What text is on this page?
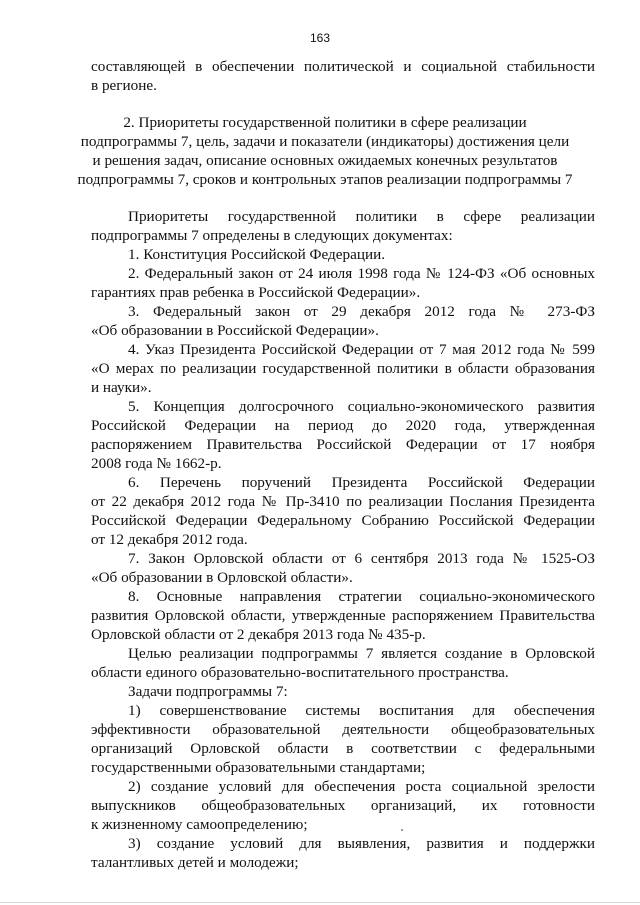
163
составляющей в обеспечении политической и социальной стабильности
в регионе.
2. Приоритеты государственной политики в сфере реализации
подпрограммы 7, цель, задачи и показатели (индикаторы) достижения цели
и решения задач, описание основных ожидаемых конечных результатов
подпрограммы 7, сроков и контрольных этапов реализации подпрограммы 7
Приоритеты государственной политики в сфере реализации
подпрограммы 7 определены в следующих документах:
1. Конституция Российской Федерации.
2. Федеральный закон от 24 июля 1998 года № 124-ФЗ «Об основных
гарантиях прав ребенка в Российской Федерации».
3. Федеральный закон от 29 декабря 2012 года № 273-ФЗ
«Об образовании в Российской Федерации».
4. Указ Президента Российской Федерации от 7 мая 2012 года № 599
«О мерах по реализации государственной политики в области образования
и науки».
5. Концепция долгосрочного социально-экономического развития
Российской Федерации на период до 2020 года, утвержденная
распоряжением Правительства Российской Федерации от 17 ноября
2008 года № 1662-р.
6. Перечень поручений Президента Российской Федерации
от 22 декабря 2012 года № Пр-3410 по реализации Послания Президента
Российской Федерации Федеральному Собранию Российской Федерации
от 12 декабря 2012 года.
7. Закон Орловской области от 6 сентября 2013 года № 1525-ОЗ
«Об образовании в Орловской области».
8. Основные направления стратегии социально-экономического
развития Орловской области, утвержденные распоряжением Правительства
Орловской области от 2 декабря 2013 года № 435-р.
Целью реализации подпрограммы 7 является создание в Орловской
области единого образовательно-воспитательного пространства.
Задачи подпрограммы 7:
1) совершенствование системы воспитания для обеспечения
эффективности образовательной деятельности общеобразовательных
организаций Орловской области в соответствии с федеральными
государственными образовательными стандартами;
2) создание условий для обеспечения роста социальной зрелости
выпускников общеобразовательных организаций, их готовности
к жизненному самоопределению;
3) создание условий для выявления, развития и поддержки
талантливых детей и молодежи;
